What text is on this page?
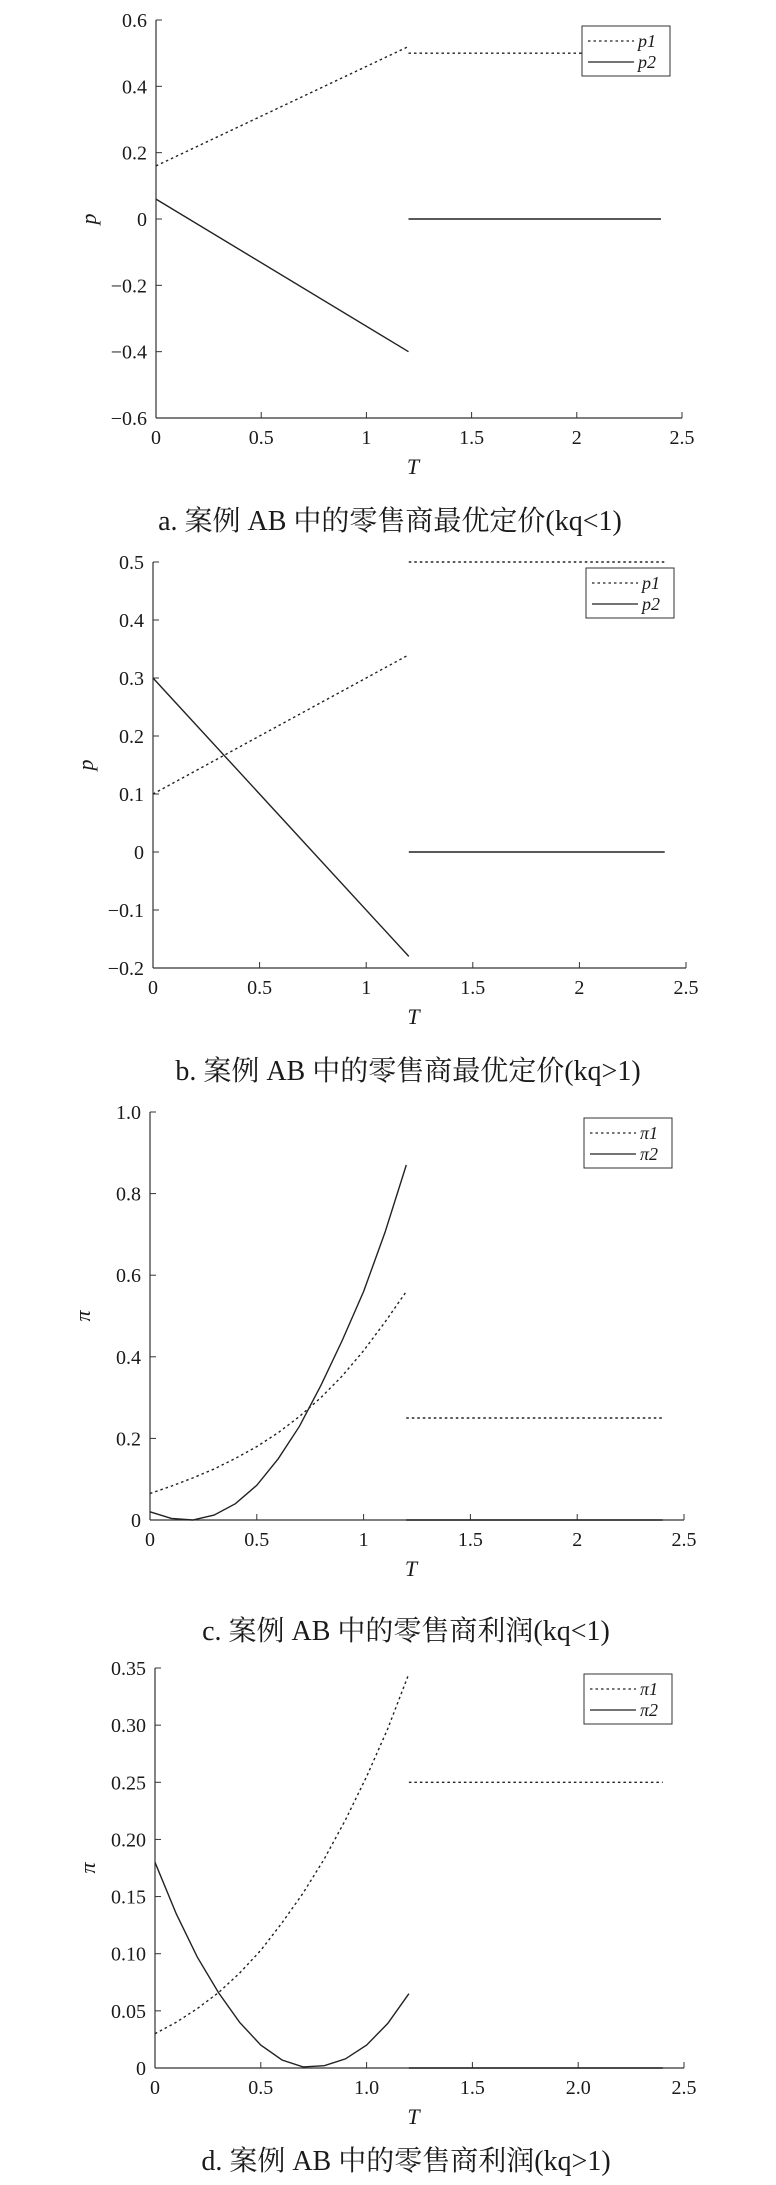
0	0.5	1	1.5	2	2.5
−0.6
−0.4
−0.2
0
0.2
0.4
0.6
T
p
p1
p2
a. 案例 AB 中的零售商最优定价(kq<1)
0	0.5	1	1.5	2	2.5
−0.2
−0.1
0
0.1
0.2
0.3
0.4
0.5
T
p
p1
p2
b. 案例 AB 中的零售商最优定价(kq>1)
0	0.5	1	1.5	2	2.5
0
0.2
0.4
0.6
0.8
1.0
T
π
π1
π2
c. 案例 AB 中的零售商利润(kq<1)
0	0.5	1.0	1.5	2.0	2.5
0
0.05
0.10
0.15
0.20
0.25
0.30
0.35
T
π
π1
π2
d. 案例 AB 中的零售商利润(kq>1)
